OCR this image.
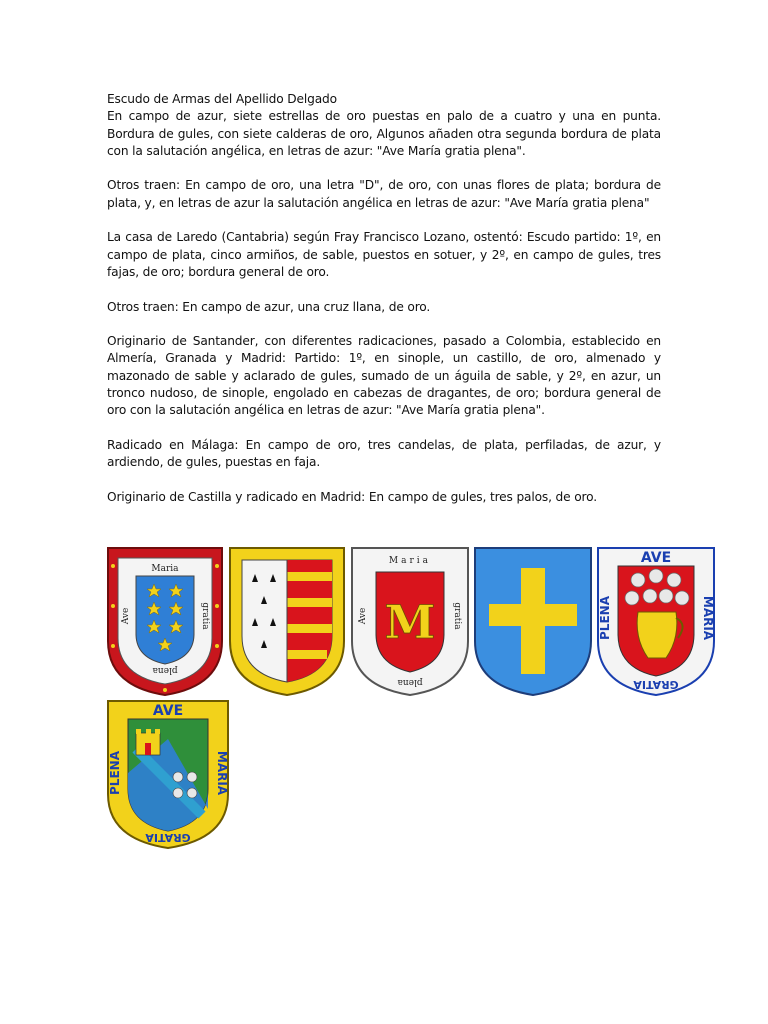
Escudo de Armas del Apellido Delgado

En campo de azur, siete estrellas de oro puestas en palo de a cuatro y una en punta. Bordura de gules, con siete calderas de oro, Algunos añaden otra segunda bordura de plata con la salutación angélica, en letras de azur: "Ave María gratia plena".

Otros traen: En campo de oro, una letra "D", de oro, con unas flores de plata; bordura de plata, y, en letras de azur la salutación angélica en letras de azur: "Ave María gratia plena"

La casa de Laredo (Cantabria) según Fray Francisco Lozano, ostentó: Escudo partido: 1º, en campo de plata, cinco armiños, de sable, puestos en sotuer, y 2º, en campo de gules, tres fajas, de oro; bordura general de oro.

Otros traen: En campo de azur, una cruz llana, de oro.

Originario de Santander, con diferentes radicaciones, pasado a Colombia, establecido en Almería, Granada y Madrid: Partido: 1º, en sinople, un castillo, de oro, almenado y mazonado de sable y aclarado de gules, sumado de un águila de sable, y 2º, en azur, un tronco nudoso, de sinople, engolado en cabezas de dragantes, de oro; bordura general de oro con la salutación angélica en letras de azur: "Ave María gratia plena".

Radicado en Málaga: En campo de oro, tres candelas, de plata, perfiladas, de azur, y ardiendo, de gules, puestas en faja.

Originario de Castilla y radicado en Madrid: En campo de gules, tres palos, de oro.

Maria
Ave	gratia
plena
M
Maria
Ave	gratia
plena
AVE
PLENA	MARIA
GRATIA
AVE
PLENA	MARIA
GRATIA
